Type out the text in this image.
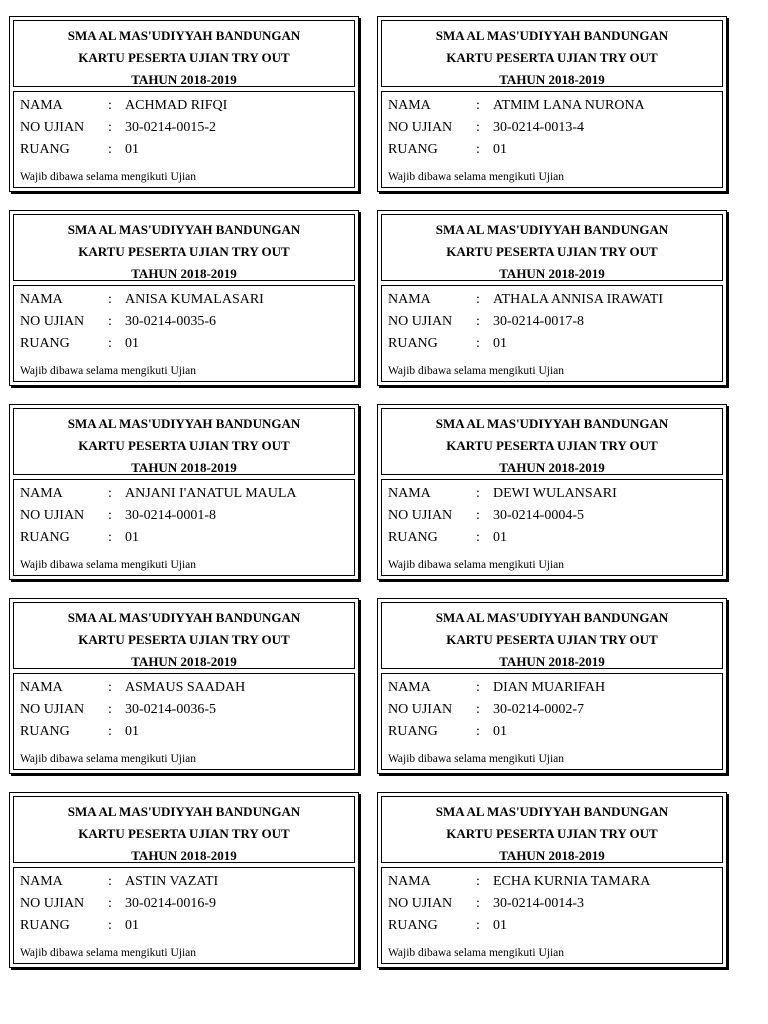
SMA AL MAS'UDIYYAH BANDUNGAN
KARTU PESERTA UJIAN TRY OUT
TAHUN 2018-2019
NAMA	: ACHMAD RIFQI
NO UJIAN	: 30-0214-0015-2
RUANG	: 01
Wajib dibawa selama mengikuti Ujian
SMA AL MAS'UDIYYAH BANDUNGAN
KARTU PESERTA UJIAN TRY OUT
TAHUN 2018-2019
NAMA	: ATMIM LANA NURONA
NO UJIAN	: 30-0214-0013-4
RUANG	: 01
Wajib dibawa selama mengikuti Ujian
SMA AL MAS'UDIYYAH BANDUNGAN
KARTU PESERTA UJIAN TRY OUT
TAHUN 2018-2019
NAMA	: ANISA KUMALASARI
NO UJIAN	: 30-0214-0035-6
RUANG	: 01
Wajib dibawa selama mengikuti Ujian
SMA AL MAS'UDIYYAH BANDUNGAN
KARTU PESERTA UJIAN TRY OUT
TAHUN 2018-2019
NAMA	: ATHALA ANNISA IRAWATI
NO UJIAN	: 30-0214-0017-8
RUANG	: 01
Wajib dibawa selama mengikuti Ujian
SMA AL MAS'UDIYYAH BANDUNGAN
KARTU PESERTA UJIAN TRY OUT
TAHUN 2018-2019
NAMA	: ANJANI I'ANATUL MAULA
NO UJIAN	: 30-0214-0001-8
RUANG	: 01
Wajib dibawa selama mengikuti Ujian
SMA AL MAS'UDIYYAH BANDUNGAN
KARTU PESERTA UJIAN TRY OUT
TAHUN 2018-2019
NAMA	: DEWI WULANSARI
NO UJIAN	: 30-0214-0004-5
RUANG	: 01
Wajib dibawa selama mengikuti Ujian
SMA AL MAS'UDIYYAH BANDUNGAN
KARTU PESERTA UJIAN TRY OUT
TAHUN 2018-2019
NAMA	: ASMAUS SAADAH
NO UJIAN	: 30-0214-0036-5
RUANG	: 01
Wajib dibawa selama mengikuti Ujian
SMA AL MAS'UDIYYAH BANDUNGAN
KARTU PESERTA UJIAN TRY OUT
TAHUN 2018-2019
NAMA	: DIAN MUARIFAH
NO UJIAN	: 30-0214-0002-7
RUANG	: 01
Wajib dibawa selama mengikuti Ujian
SMA AL MAS'UDIYYAH BANDUNGAN
KARTU PESERTA UJIAN TRY OUT
TAHUN 2018-2019
NAMA	: ASTIN VAZATI
NO UJIAN	: 30-0214-0016-9
RUANG	: 01
Wajib dibawa selama mengikuti Ujian
SMA AL MAS'UDIYYAH BANDUNGAN
KARTU PESERTA UJIAN TRY OUT
TAHUN 2018-2019
NAMA	: ECHA KURNIA TAMARA
NO UJIAN	: 30-0214-0014-3
RUANG	: 01
Wajib dibawa selama mengikuti Ujian
